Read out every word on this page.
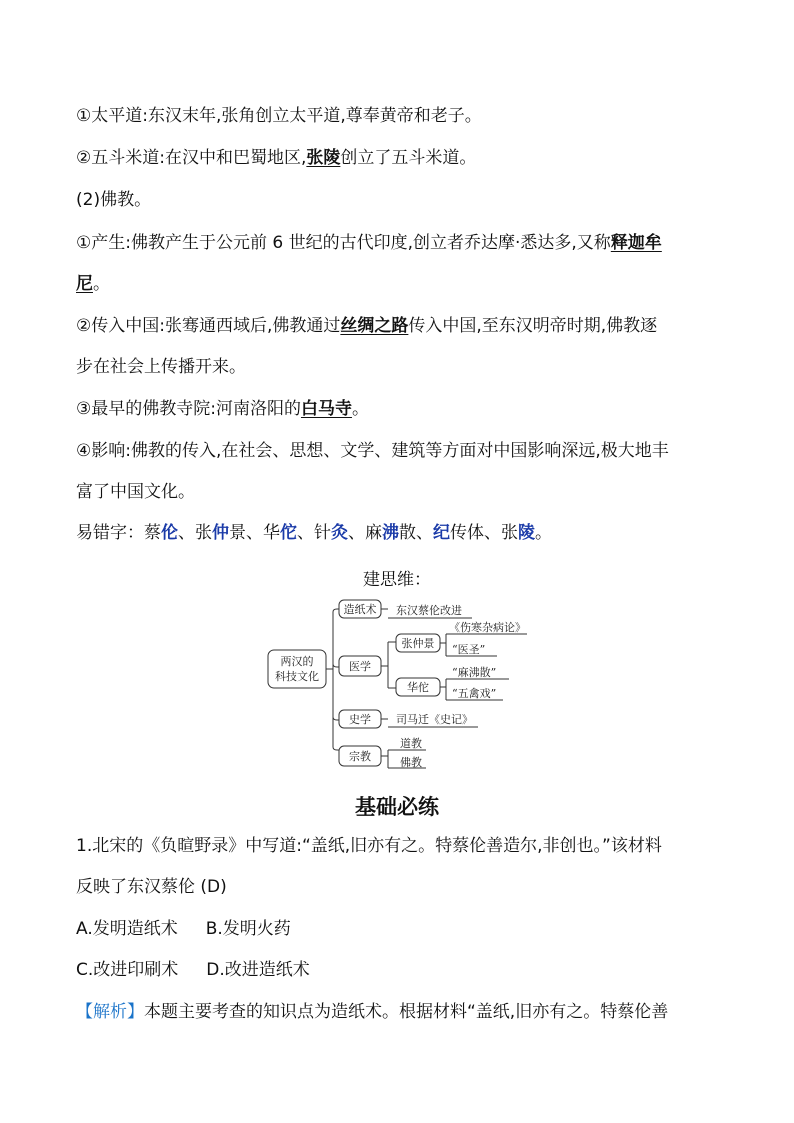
①太平道:东汉末年,张角创立太平道,尊奉黄帝和老子。
②五斗米道:在汉中和巴蜀地区,张陵创立了五斗米道。
(2)佛教。
①产生:佛教产生于公元前 6 世纪的古代印度,创立者乔达摩·悉达多,又称释迦牟
尼。
②传入中国:张骞通西域后,佛教通过丝绸之路传入中国,至东汉明帝时期,佛教逐
步在社会上传播开来。
③最早的佛教寺院:河南洛阳的白马寺。
④影响:佛教的传入,在社会、思想、文学、建筑等方面对中国影响深远,极大地丰
富了中国文化。
易错字：蔡伦、张仲景、华佗、针灸、麻沸散、纪传体、张陵。
建思维：
两汉的
科技文化
造纸术 东汉蔡伦改进
医学
张仲景
《伤寒杂病论》
“医圣”
华佗
“麻沸散”
“五禽戏”
史学 司马迁《史记》
宗教
道教
佛教
基础必练
1.北宋的《负暄野录》中写道:“盖纸,旧亦有之。特蔡伦善造尔,非创也。”该材料
反映了东汉蔡伦 (D)
A.发明造纸术 B.发明火药
C.改进印刷术 D.改进造纸术
【解析】本题主要考查的知识点为造纸术。根据材料“盖纸,旧亦有之。特蔡伦善
